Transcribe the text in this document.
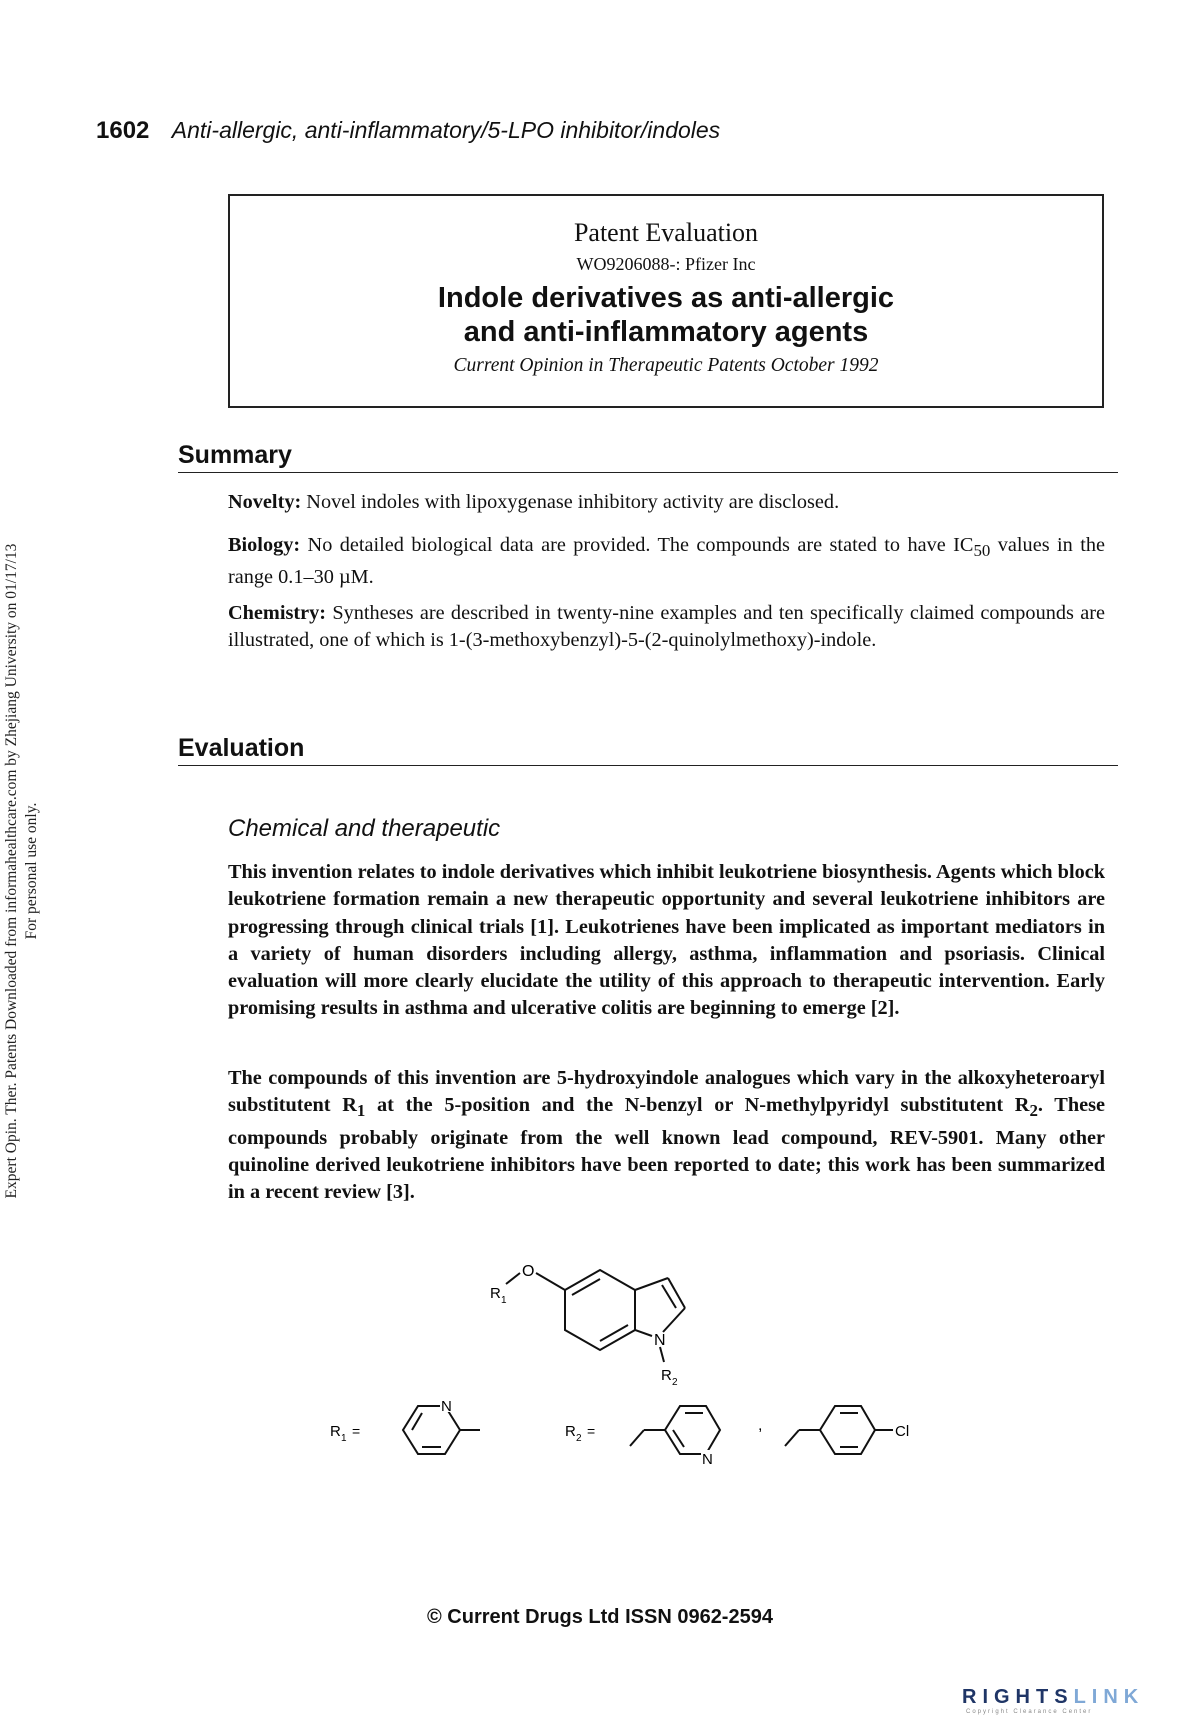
1602 Anti-allergic, anti-inflammatory/5-LPO inhibitor/indoles
Expert Opin. Ther. Patents Downloaded from informahealthcare.com by Zhejiang University on 01/17/13 For personal use only.
Patent Evaluation
WO9206088-: Pfizer Inc
Indole derivatives as anti-allergic
and anti-inflammatory agents
Current Opinion in Therapeutic Patents October 1992
Summary
Novelty: Novel indoles with lipoxygenase inhibitory activity are disclosed.
Biology: No detailed biological data are provided. The compounds are stated to have $IC_{50}$ values in the range 0.1–30 µM.
Chemistry: Syntheses are described in twenty-nine examples and ten specifically claimed compounds are illustrated, one of which is 1-(3-methoxybenzyl)-5-(2-quinolylmethoxy)-indole.
Evaluation
Chemical and therapeutic
This invention relates to indole derivatives which inhibit leukotriene biosynthesis. Agents which block leukotriene formation remain a new therapeutic opportunity and several leukotriene inhibitors are progressing through clinical trials [1]. Leukotrienes have been implicated as important mediators in a variety of human disorders including allergy, asthma, inflammation and psoriasis. Clinical evaluation will more clearly elucidate the utility of this approach to therapeutic intervention. Early promising results in asthma and ulcerative colitis are beginning to emerge [2].
The compounds of this invention are 5-hydroxyindole analogues which vary in the alkoxyheteroaryl substitutent $R_1$ at the 5-position and the N-benzyl or N-methylpyridyl substitutent $R_2$. These compounds probably originate from the well known lead compound, REV-5901. Many other quinoline derived leukotriene inhibitors have been reported to date; this work has been summarized in a recent review [3].
O
R 1
N
R 2
R 1 =
N
R 2 =
N
,	Cl
© Current Drugs Ltd ISSN 0962-2594
RIGHTSLINK
Copyright Clearance Center
